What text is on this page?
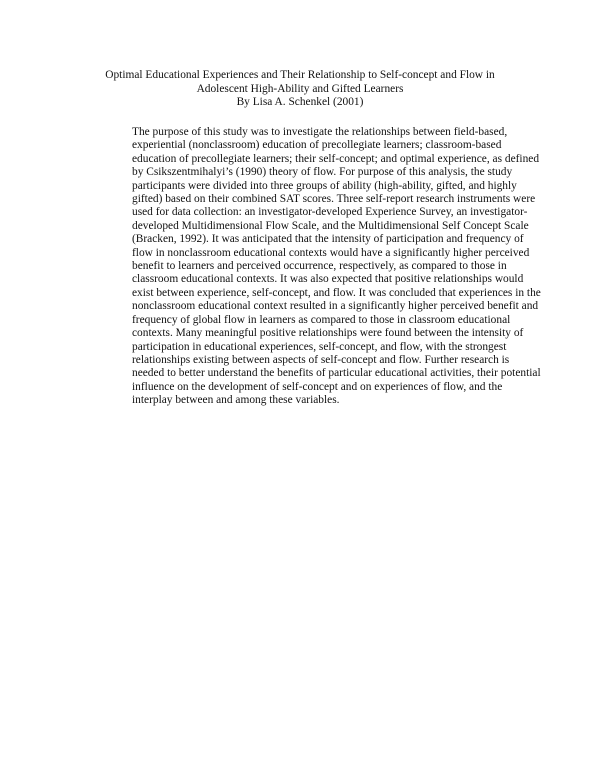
Optimal Educational Experiences and Their Relationship to Self-concept and Flow in
Adolescent High-Ability and Gifted Learners
By Lisa A. Schenkel (2001)
The purpose of this study was to investigate the relationships between field-based,
experiential (nonclassroom) education of precollegiate learners; classroom-based
education of precollegiate learners; their self-concept; and optimal experience, as defined
by Csikszentmihalyi’s (1990) theory of flow. For purpose of this analysis, the study
participants were divided into three groups of ability (high-ability, gifted, and highly
gifted) based on their combined SAT scores. Three self-report research instruments were
used for data collection: an investigator-developed Experience Survey, an investigator-
developed Multidimensional Flow Scale, and the Multidimensional Self Concept Scale
(Bracken, 1992). It was anticipated that the intensity of participation and frequency of
flow in nonclassroom educational contexts would have a significantly higher perceived
benefit to learners and perceived occurrence, respectively, as compared to those in
classroom educational contexts. It was also expected that positive relationships would
exist between experience, self-concept, and flow. It was concluded that experiences in the
nonclassroom educational context resulted in a significantly higher perceived benefit and
frequency of global flow in learners as compared to those in classroom educational
contexts. Many meaningful positive relationships were found between the intensity of
participation in educational experiences, self-concept, and flow, with the strongest
relationships existing between aspects of self-concept and flow. Further research is
needed to better understand the benefits of particular educational activities, their potential
influence on the development of self-concept and on experiences of flow, and the
interplay between and among these variables.
